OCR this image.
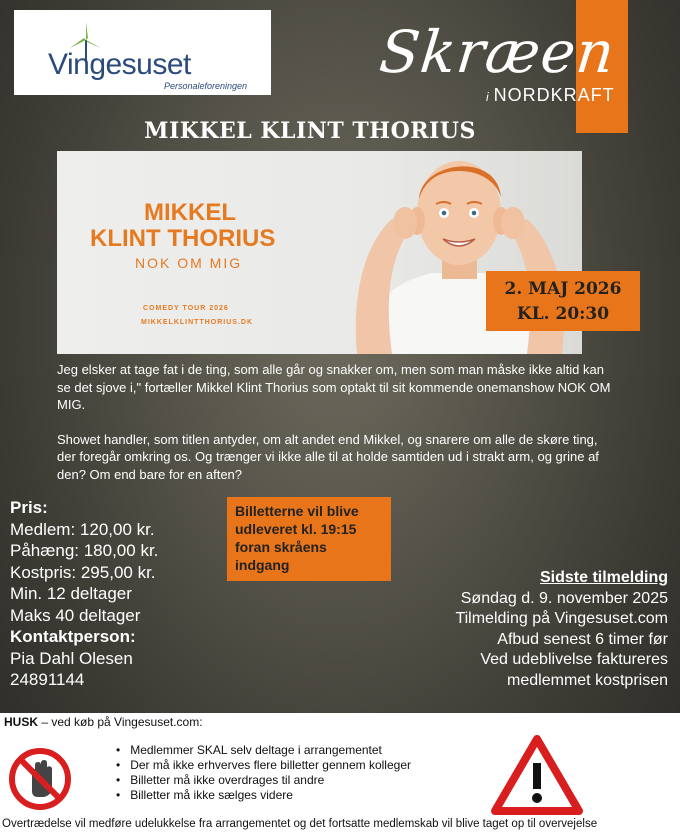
Vingesuset
Personaleforeningen Skræen
i NORDKRAFT
MIKKEL KLINT THORIUS
MIKKEL
KLINT THORIUS
NOK OM MIG
COMEDY TOUR 2026
MIKKELKLINTTHORIUS.DK
2. MAJ 2026
KL. 20:30

Jeg elsker at tage fat i de ting, som alle går og snakker om, men som man måske ikke altid kan se det sjove i," fortæller Mikkel Klint Thorius som optakt til sit kommende onemanshow NOK OM MIG.

Showet handler, som titlen antyder, om alt andet end Mikkel, og snarere om alle de skøre ting, der foregår omkring os. Og trænger vi ikke alle til at holde samtiden ud i strakt arm, og grine af den? Om end bare for en aften?

Pris:
Medlem: 120,00 kr.
Påhæng: 180,00 kr.
Kostpris: 295,00 kr.
Min. 12 deltager
Maks 40 deltager
Kontaktperson:
Pia Dahl Olesen
24891144
Billetterne vil blive udleveret kl. 19:15 foran skråens indgang
Sidste tilmelding
Søndag d. 9. november 2025
Tilmelding på Vingesuset.com
Afbud senest 6 timer før
Ved udeblivelse faktureres
medlemmet kostprisen
HUSK – ved køb på Vingesuset.com:
• Medlemmer SKAL selv deltage i arrangementet
• Der må ikke erhverves flere billetter gennem kolleger
• Billetter må ikke overdrages til andre
• Billetter må ikke sælges videre
Overtrædelse vil medføre udelukkelse fra arrangementet og det fortsatte medlemskab vil blive taget op til overvejelse
